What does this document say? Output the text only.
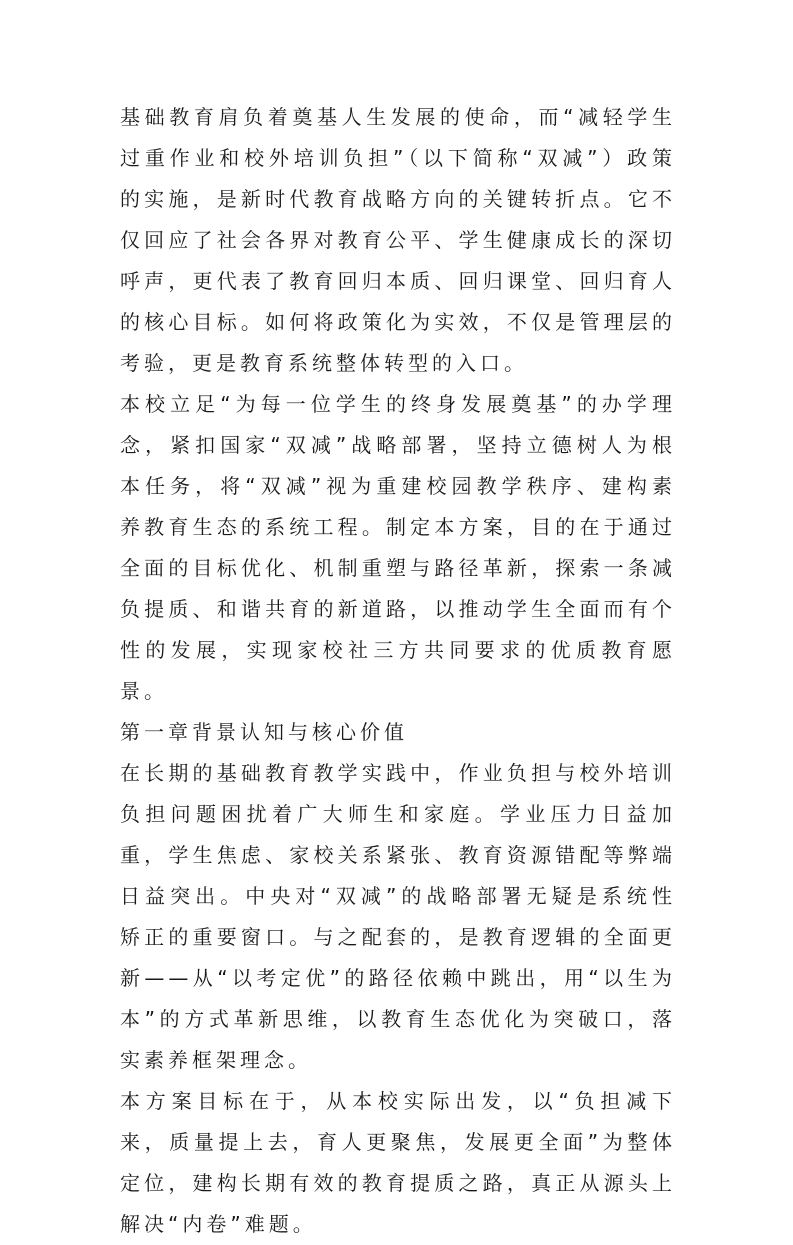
基础教育肩负着奠基人生发展的使命，而“减轻学生过重作业和校外培训负担”（以下简称“双减”）政策的实施，是新时代教育战略方向的关键转折点。它不仅回应了社会各界对教育公平、学生健康成长的深切呼声，更代表了教育回归本质、回归课堂、回归育人的核心目标。如何将政策化为实效，不仅是管理层的考验，更是教育系统整体转型的入口。

本校立足“为每一位学生的终身发展奠基”的办学理念，紧扣国家“双减”战略部署，坚持立德树人为根本任务，将“双减”视为重建校园教学秩序、建构素养教育生态的系统工程。制定本方案，目的在于通过全面的目标优化、机制重塑与路径革新，探索一条减负提质、和谐共育的新道路，以推动学生全面而有个性的发展，实现家校社三方共同要求的优质教育愿景。

第一章背景认知与核心价值

在长期的基础教育教学实践中，作业负担与校外培训负担问题困扰着广大师生和家庭。学业压力日益加重，学生焦虑、家校关系紧张、教育资源错配等弊端日益突出。中央对“双减”的战略部署无疑是系统性矫正的重要窗口。与之配套的，是教育逻辑的全面更新——从“以考定优”的路径依赖中跳出，用“以生为本”的方式革新思维，以教育生态优化为突破口，落实素养框架理念。

本方案目标在于，从本校实际出发，以“负担减下来，质量提上去，育人更聚焦，发展更全面”为整体定位，建构长期有效的教育提质之路，真正从源头上解决“内卷”难题。
